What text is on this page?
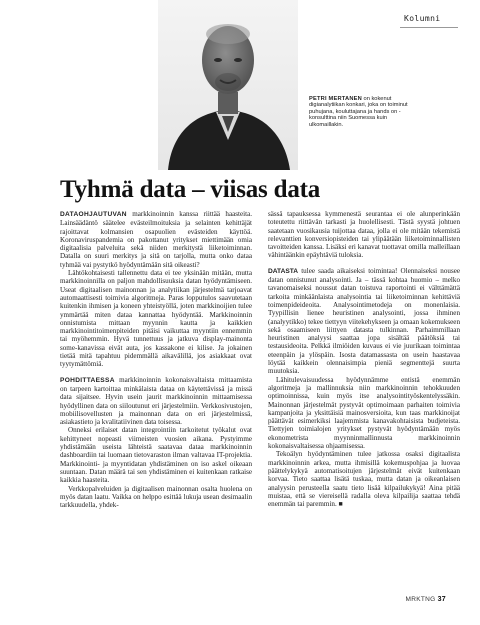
Kolumni
PETRI MERTANEN on kokenut digianalytiikan konkari, joka on toiminut puhujana, kouluttajana ja hands on -konsulttina niin Suomessa kuin ulkomaillakin.
Tyhmä data – viisas data

DATAOHJAUTUVAN markkinoinnin kanssa riittää haasteita. Lainsäädäntö säätelee evästeilmoituksia ja selainten kehittäjät rajoittavat kolmansien osapuolien evästeiden käyttöä. Koronaviruspandemia on pakottanut yritykset miettimään omia digitaalisia palveluita sekä niiden merkitystä liiketoiminnan. Datalla on suuri merkitys ja sitä on tarjolla, mutta onko dataa tyhmää vai pystytkö hyödyntämään sitä oikeasti?

Lähtökohtaisesti tallennettu data ei tee yksinään mitään, mutta markkinoinnilla on paljon mahdollisuuksia datan hyödyntämiseen. Useat digitaalisen mainonnan ja analytiikan järjestelmä tarjoavat automaattisesti toimivia algoritmeja. Paras lopputulos saavutetaan kuitenkin ihmisen ja koneen yhteistyöllä, joten markkinoijien tulee ymmärtää miten dataa kannattaa hyödyntää. Markkinoinnin onnistumista mittaan myynnin kautta ja kaikkien markkinointitoimenpiteiden pitäisi vaikuttaa myyntiin ennemmin tai myöhemmin. Hyvä tunnettuus ja jatkuva display-mainonta some-kanavissa eivät auta, jos kassakone ei kilise. Ja jokainen tietää mitä tapahtuu pidemmällä aikavälillä, jos asiakkaat ovat tyytymättömiä.

POHDITTAESSA markkinoinnin kokonaisvaltaista mittaamista on tarpeen kartoittaa minkälaista dataa on käytettävissä ja missä data sijaitsee. Hyvin usein jaurit markkinoinnin mittaamisessa hyödyllinen data on siiloutunut eri järjestelmiin. Verkkosivustojen, mobiilisovellusten ja mainonnan data on eri järjestelmissä, asiakastieto ja kvalitatiivinen data toisessa.

Onneksi erilaiset datan integrointiin tarkoitetut työkalut ovat kehittyneet nopeasti viimeisten vuosien aikana. Pystyimme yhdistämään useista lähteistä saatavaa dataa markkinoinnin dashboardiin tai luomaan tietovaraston ilman valtavaa IT-projektia. Markkinointi- ja myyntidatan yhdistäminen on iso askel oikeaan suuntaan. Datan määrä tai sen yhdistäminen ei kuitenkaan ratkaise kaikkia haasteita.

Verkkopalveluiden ja digitaalisen mainonnan osalta huolena on myös datan laatu. Vaikka on helppo esittää lukuja usean desimaalin tarkkuudella, yhdek-

sässä tapauksessa kymmenestä seurantaa ei ole alunperinkään toteutettu riittävän tarkasti ja huolellisesti. Tästä syystä johtuen saatetaan vuosikausia tuijottaa dataa, jolla ei ole mitään tekemistä relevanttien konversiopisteiden tai ylipäätään liiketoiminnallisten tavoitteiden kanssa. Lisäksi eri kanavat tuottavat omilla malleillaan vähintäänkin epäyhtäviä tuloksia.

DATASTA tulee saada aikaiseksi toimintaa! Olennaiseksi nousee datan onnistunut analysointi. Ja – tässä kohtaa huomio – melko tavanomaiseksi noussut datan toistuva raportointi ei välttämättä tarkoita minkäänlaista analysointia tai liiketoiminnan kehittäviä toimenpideideoita. Analysointimetodeja on monenlaisia. Tyypillisin lienee heuristinen analysointi, jossa ihminen (analyytikko) tekee tiettyyn viitekehykseen ja omaan kokemukseen sekä osaamiseen liittyen datasta tulkinnan. Parhaimmillaan heuristinen analyysi saattaa jopa sisältää päätöksiä tai testausideoita. Pelkkä ilmiöiden kuvaus ei vie juurikaan toimintaa eteenpäin ja ylöspäin. Isosta datamassasta on usein haastavaa löytää kaikkein olennaisimpia pieniä segmenttejä suurta muutoksia.

Lähitulevaisuudessa hyödynnämme entistä enemmän algoritmeja ja mallinnuksia niin markkinoinnin tehokkuuden optimoinnissa, kuin myös itse analysointityöskentelyssäkin. Mainonnan järjestelmät pystyvät optimoimaan parhaiten toimivia kampanjoita ja yksittäisiä mainosversioita, kun taas markkinoijat päättävät esimerkiksi laajemmista kanavakohtaisista budjeteista. Tiettyjen toimialojen yritykset pystyvät hyödyntämään myös ekonometrista myynninmallinnusta markkinoinnin kokonaisvaltaisessa ohjaamisessa.

Tekoälyn hyödyntäminen tulee jatkossa osaksi digitaalista markkinoinnin arkea, mutta ihmisillä kokemuspohjaa ja luovaa päättelykykyä automatisoitujen järjestelmät eivät kuitenkaan korvaa. Tieto saattaa lisätä tuskaa, mutta datan ja oikeanlaisen analyysin perusteella saatu tieto lisää kilpailukykyä! Aina pitää muistaa, että se viereisellä radalla oleva kilpailija saattaa tehdä enemmän tai paremmin. ■

MRKTNG 37
